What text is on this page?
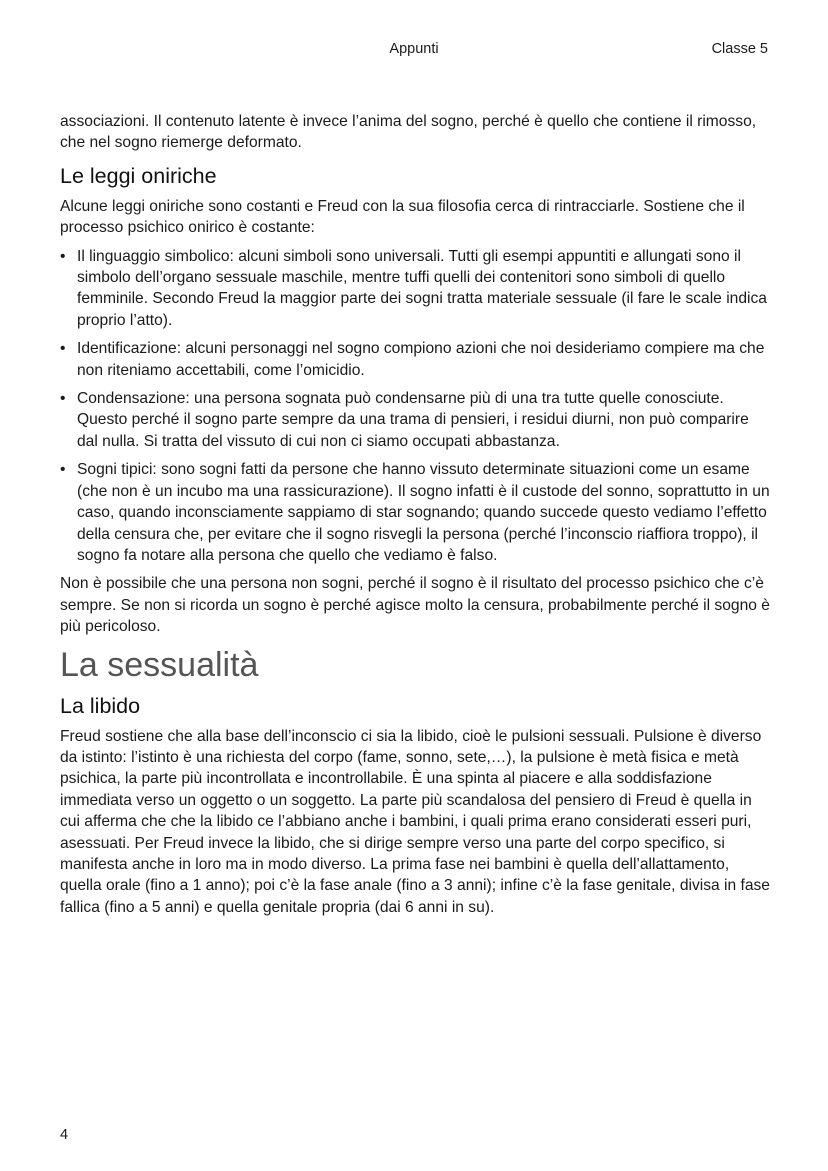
Appunti	Classe 5

associazioni. Il contenuto latente è invece l’anima del sogno, perché è quello che contiene il rimosso, che nel sogno riemerge deformato.

Le leggi oniriche

Alcune leggi oniriche sono costanti e Freud con la sua filosofia cerca di rintracciarle. Sostiene che il processo psichico onirico è costante:

• Il linguaggio simbolico: alcuni simboli sono universali. Tutti gli esempi appuntiti e allungati sono il simbolo dell’organo sessuale maschile, mentre tuffi quelli dei contenitori sono simboli di quello femminile. Secondo Freud la maggior parte dei sogni tratta materiale sessuale (il fare le scale indica proprio l’atto).
• Identificazione: alcuni personaggi nel sogno compiono azioni che noi desideriamo compiere ma che non riteniamo accettabili, come l’omicidio.
• Condensazione: una persona sognata può condensarne più di una tra tutte quelle conosciute. Questo perché il sogno parte sempre da una trama di pensieri, i residui diurni, non può comparire dal nulla. Si tratta del vissuto di cui non ci siamo occupati abbastanza.
• Sogni tipici: sono sogni fatti da persone che hanno vissuto determinate situazioni come un esame (che non è un incubo ma una rassicurazione). Il sogno infatti è il custode del sonno, soprattutto in un caso, quando inconsciamente sappiamo di star sognando; quando succede questo vediamo l’effetto della censura che, per evitare che il sogno risvegli la persona (perché l’inconscio riaffiora troppo), il sogno fa notare alla persona che quello che vediamo è falso.

Non è possibile che una persona non sogni, perché il sogno è il risultato del processo psichico che c’è sempre. Se non si ricorda un sogno è perché agisce molto la censura, probabilmente perché il sogno è più pericoloso.

La sessualità
La libido

Freud sostiene che alla base dell’inconscio ci sia la libido, cioè le pulsioni sessuali. Pulsione è diverso da istinto: l’istinto è una richiesta del corpo (fame, sonno, sete,…), la pulsione è metà fisica e metà psichica, la parte più incontrollata e incontrollabile. È una spinta al piacere e alla soddisfazione immediata verso un oggetto o un soggetto. La parte più scandalosa del pensiero di Freud è quella in cui afferma che che la libido ce l’abbiano anche i bambini, i quali prima erano considerati esseri puri, asessuati. Per Freud invece la libido, che si dirige sempre verso una parte del corpo specifico, si manifesta anche in loro ma in modo diverso. La prima fase nei bambini è quella dell’allattamento, quella orale (fino a 1 anno); poi c’è la fase anale (fino a 3 anni); infine c’è la fase genitale, divisa in fase fallica (fino a 5 anni) e quella genitale propria (dai 6 anni in su).

4
